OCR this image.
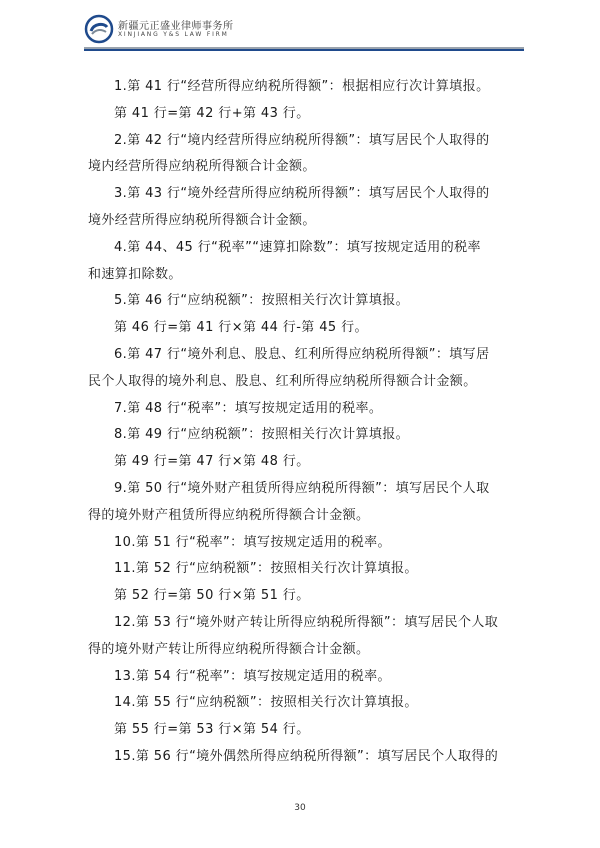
新疆元正盛业律师事务所
XINJIANG Y&S LAW FIRM
1.第 41 行“经营所得应纳税所得额”：根据相应行次计算填报。
第 41 行=第 42 行+第 43 行。
2.第 42 行“境内经营所得应纳税所得额”：填写居民个人取得的
境内经营所得应纳税所得额合计金额。
3.第 43 行“境外经营所得应纳税所得额”：填写居民个人取得的
境外经营所得应纳税所得额合计金额。
4.第 44、45 行“税率”“速算扣除数”：填写按规定适用的税率
和速算扣除数。
5.第 46 行“应纳税额”：按照相关行次计算填报。
第 46 行=第 41 行×第 44 行-第 45 行。
6.第 47 行“境外利息、股息、红利所得应纳税所得额”：填写居
民个人取得的境外利息、股息、红利所得应纳税所得额合计金额。
7.第 48 行“税率”：填写按规定适用的税率。
8.第 49 行“应纳税额”：按照相关行次计算填报。
第 49 行=第 47 行×第 48 行。
9.第 50 行“境外财产租赁所得应纳税所得额”：填写居民个人取
得的境外财产租赁所得应纳税所得额合计金额。
10.第 51 行“税率”：填写按规定适用的税率。
11.第 52 行“应纳税额”：按照相关行次计算填报。
第 52 行=第 50 行×第 51 行。
12.第 53 行“境外财产转让所得应纳税所得额”：填写居民个人取
得的境外财产转让所得应纳税所得额合计金额。
13.第 54 行“税率”：填写按规定适用的税率。
14.第 55 行“应纳税额”：按照相关行次计算填报。
第 55 行=第 53 行×第 54 行。
15.第 56 行“境外偶然所得应纳税所得额”：填写居民个人取得的
30
